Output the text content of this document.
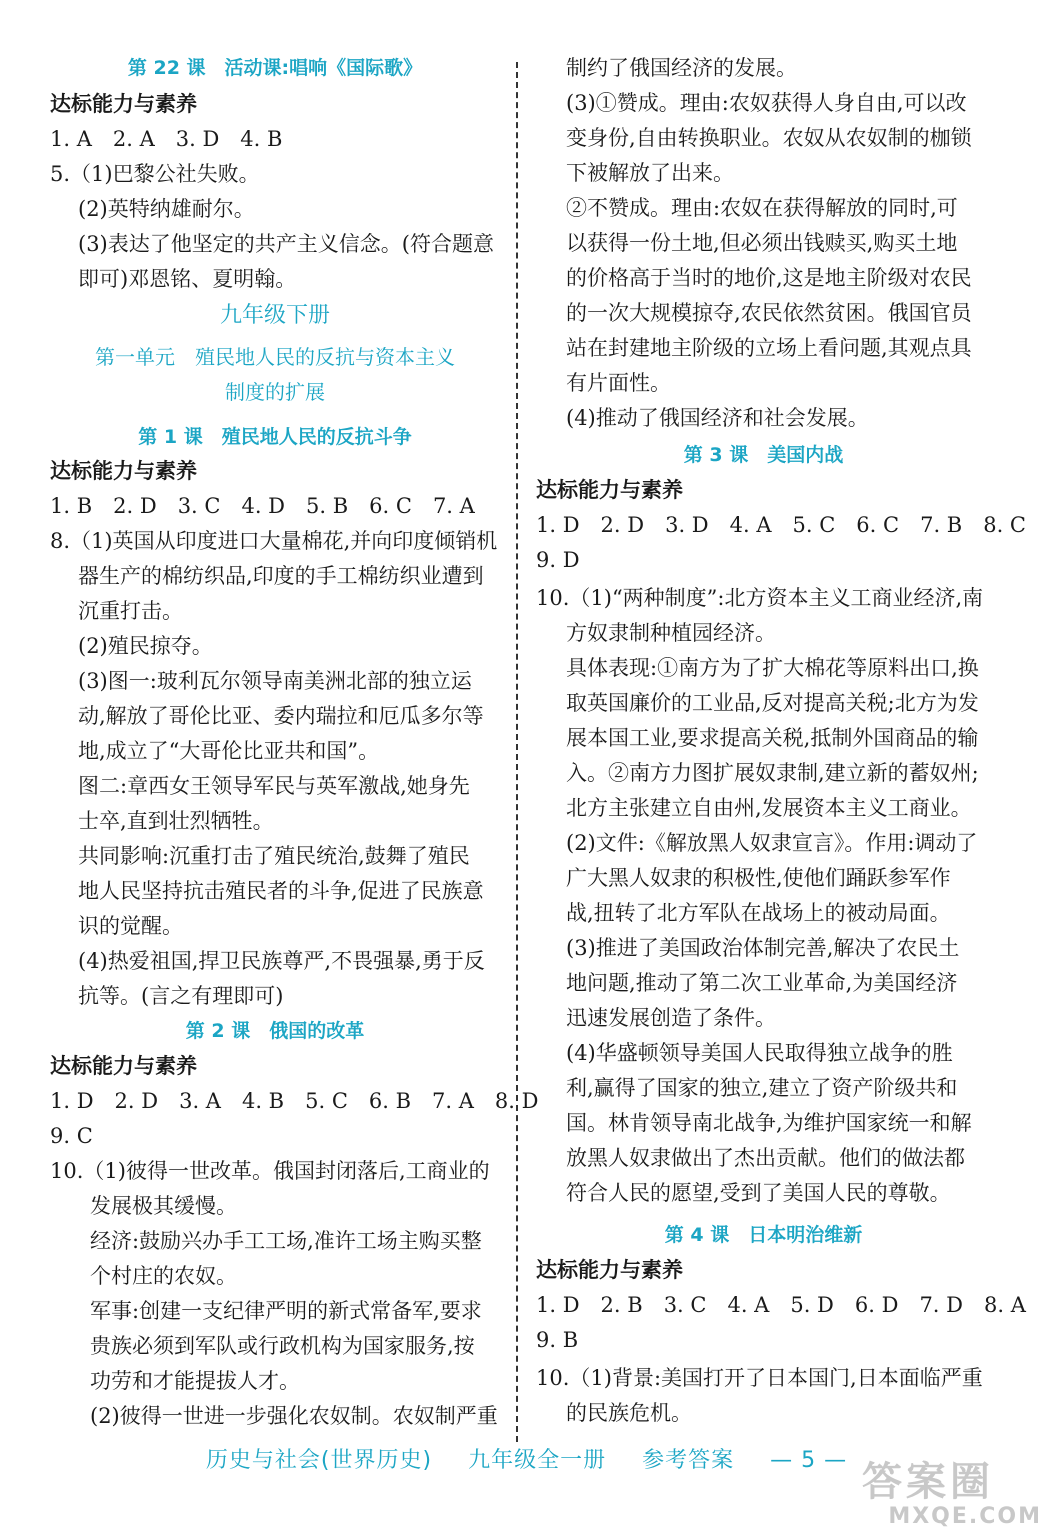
第 22 课　活动课:唱响《国际歌》
达标能力与素养
1. A　2. A　3. D　4. B
5.（1)巴黎公社失败。
(2)英特纳雄耐尔。
(3)表达了他坚定的共产主义信念。(符合题意
即可)邓恩铭、夏明翰。
九年级下册
第一单元　殖民地人民的反抗与资本主义
制度的扩展
第 1 课　殖民地人民的反抗斗争
达标能力与素养
1. B　2. D　3. C　4. D　5. B　6. C　7. A
8.（1)英国从印度进口大量棉花,并向印度倾销机
器生产的棉纺织品,印度的手工棉纺织业遭到
沉重打击。
(2)殖民掠夺。
(3)图一:玻利瓦尔领导南美洲北部的独立运
动,解放了哥伦比亚、委内瑞拉和厄瓜多尔等
地,成立了“大哥伦比亚共和国”。
图二:章西女王领导军民与英军激战,她身先
士卒,直到壮烈牺牲。
共同影响:沉重打击了殖民统治,鼓舞了殖民
地人民坚持抗击殖民者的斗争,促进了民族意
识的觉醒。
(4)热爱祖国,捍卫民族尊严,不畏强暴,勇于反
抗等。(言之有理即可)
第 2 课　俄国的改革
达标能力与素养
1. D　2. D　3. A　4. B　5. C　6. B　7. A　8. D
9. C
10.（1)彼得一世改革。俄国封闭落后,工商业的
发展极其缓慢。
经济:鼓励兴办手工工场,准许工场主购买整
个村庄的农奴。
军事:创建一支纪律严明的新式常备军,要求
贵族必须到军队或行政机构为国家服务,按
功劳和才能提拔人才。
(2)彼得一世进一步强化农奴制。农奴制严重
制约了俄国经济的发展。
(3)①赞成。理由:农奴获得人身自由,可以改
变身份,自由转换职业。农奴从农奴制的枷锁
下被解放了出来。
②不赞成。理由:农奴在获得解放的同时,可
以获得一份土地,但必须出钱赎买,购买土地
的价格高于当时的地价,这是地主阶级对农民
的一次大规模掠夺,农民依然贫困。俄国官员
站在封建地主阶级的立场上看问题,其观点具
有片面性。
(4)推动了俄国经济和社会发展。
第 3 课　美国内战
达标能力与素养
1. D　2. D　3. D　4. A　5. C　6. C　7. B　8. C
9. D
10.（1)“两种制度”:北方资本主义工商业经济,南
方奴隶制种植园经济。
具体表现:①南方为了扩大棉花等原料出口,换
取英国廉价的工业品,反对提高关税;北方为发
展本国工业,要求提高关税,抵制外国商品的输
入。②南方力图扩展奴隶制,建立新的蓄奴州;
北方主张建立自由州,发展资本主义工商业。
(2)文件:《解放黑人奴隶宣言》。作用:调动了
广大黑人奴隶的积极性,使他们踊跃参军作
战,扭转了北方军队在战场上的被动局面。
(3)推进了美国政治体制完善,解决了农民土
地问题,推动了第二次工业革命,为美国经济
迅速发展创造了条件。
(4)华盛顿领导美国人民取得独立战争的胜
利,赢得了国家的独立,建立了资产阶级共和
国。林肯领导南北战争,为维护国家统一和解
放黑人奴隶做出了杰出贡献。他们的做法都
符合人民的愿望,受到了美国人民的尊敬。
第 4 课　日本明治维新
达标能力与素养
1. D　2. B　3. C　4. A　5. D　6. D　7. D　8. A
9. B
10.（1)背景:美国打开了日本国门,日本面临严重
的民族危机。
历史与社会(世界历史) 九年级全一册 参考答案 — 5 — 答案圈
MXQE.COM
